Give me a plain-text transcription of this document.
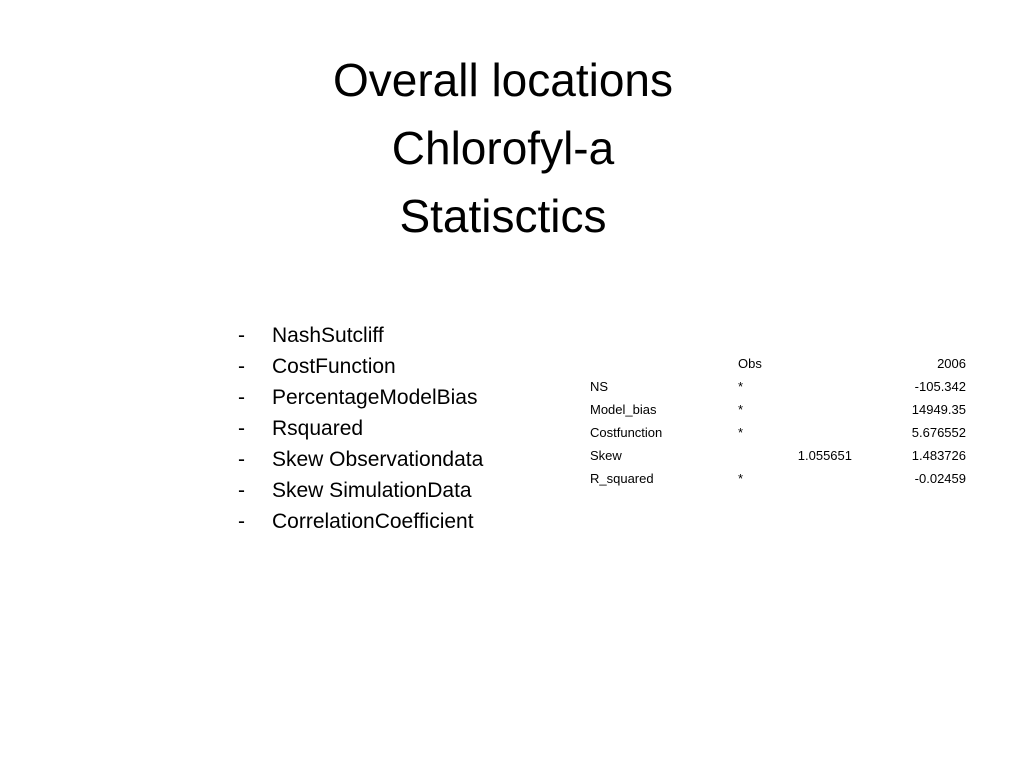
Overall locations
Chlorofyl-a
Statisctics
-	NashSutcliff
-	CostFunction
-	PercentageModelBias
-	Rsquared
-	Skew Observationdata
-	Skew SimulationData
-	CorrelationCoefficient
	Obs		2006
NS	*		-105.342
Model_bias	*		14949.35
Costfunction	*		5.676552
Skew		1.055651	1.483726
R_squared	*		-0.02459
